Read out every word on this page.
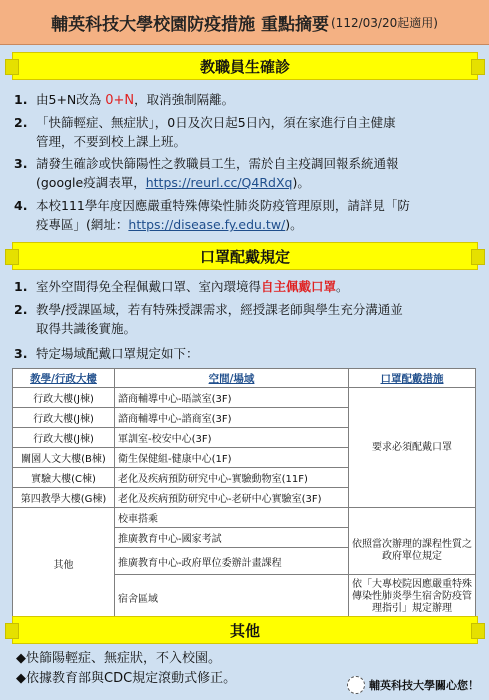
輔英科技大學校園防疫措施 重點摘要 (112/03/20起適用)
教職員生確診
1. 由5+N改為 0+N，取消強制隔離。
2. 「快篩輕症、無症狀」，0日及次日起5日內，須在家進行自主健康
管理，不要到校上課上班。
3. 請發生確診或快篩陽性之教職員工生，需於自主疫調回報系統通報
(google疫調表單，https://reurl.cc/Q4RdXq)。
4. 本校111學年度因應嚴重特殊傳染性肺炎防疫管理原則，請詳見「防
疫專區」(網址：https://disease.fy.edu.tw/)。
口罩配戴規定
1. 室外空間得免全程佩戴口罩、室內環境得自主佩戴口罩。
2. 教學/授課區域，若有特殊授課需求，經授課老師與學生充分溝通並
取得共識後實施。
3. 特定場域配戴口罩規定如下：
教學/行政大樓	空間/場域	口罩配戴措施
行政大樓(J棟)	諮商輔導中心-晤談室(3F)	要求必須配戴口罩
行政大樓(J棟)	諮商輔導中心-諮商室(3F)	
行政大樓(J棟)	軍訓室-校安中心(3F)	
關園人文大樓(B棟)	衛生保健組-健康中心(1F)	
實驗大樓(C棟)	老化及疾病預防研究中心-實驗動物室(11F)	
第四教學大樓(G棟)	老化及疾病預防研究中心-老研中心實驗室(3F)	
其他	校車搭乘	
	推廣教育中心-國家考試	依照當次辦理的課程性質之政府單位規定
	推廣教育中心-政府單位委辦計畫課程	
	宿舍區域	依「大專校院因應嚴重特殊傳染性肺炎學生宿舍防疫管理指引」規定辦理
其他
◆快篩陽輕症、無症狀，不入校園。
◆依據教育部與CDC規定滾動式修正。	輔英科技大學關心您！
